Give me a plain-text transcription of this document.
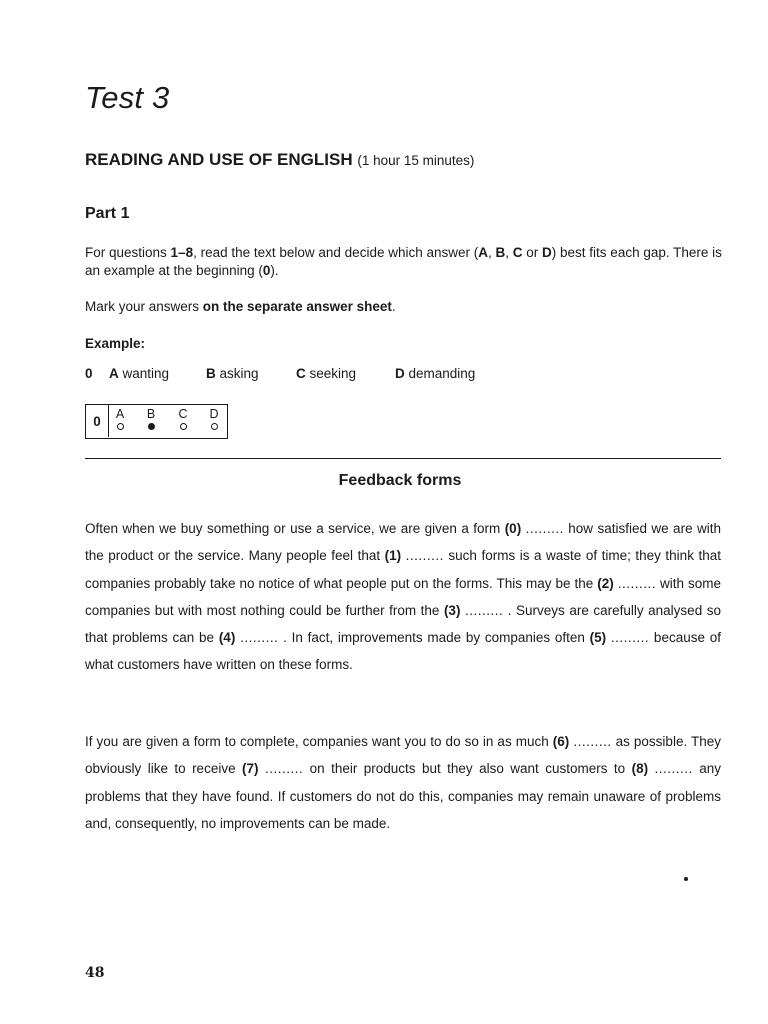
Test 3
READING AND USE OF ENGLISH (1 hour 15 minutes)
Part 1

For questions 1–8, read the text below and decide which answer (A, B, C or D) best fits each gap. There is an example at the beginning (0).

Mark your answers on the separate answer sheet.

Example:

0 A wanting	B asking	C seeking	D demanding
0	A B C D
Feedback forms

Often when we buy something or use a service, we are given a form (0) ......... how satisfied we are with the product or the service. Many people feel that (1) ......... such forms is a waste of time; they think that companies probably take no notice of what people put on the forms. This may be the (2) ......... with some companies but with most nothing could be further from the (3) ......... . Surveys are carefully analysed so that problems can be (4) ......... . In fact, improvements made by companies often (5) ......... because of what customers have written on these forms.

If you are given a form to complete, companies want you to do so in as much (6) ......... as possible. They obviously like to receive (7) ......... on their products but they also want customers to (8) ......... any problems that they have found. If customers do not do this, companies may remain unaware of problems and, consequently, no improvements can be made.

48
